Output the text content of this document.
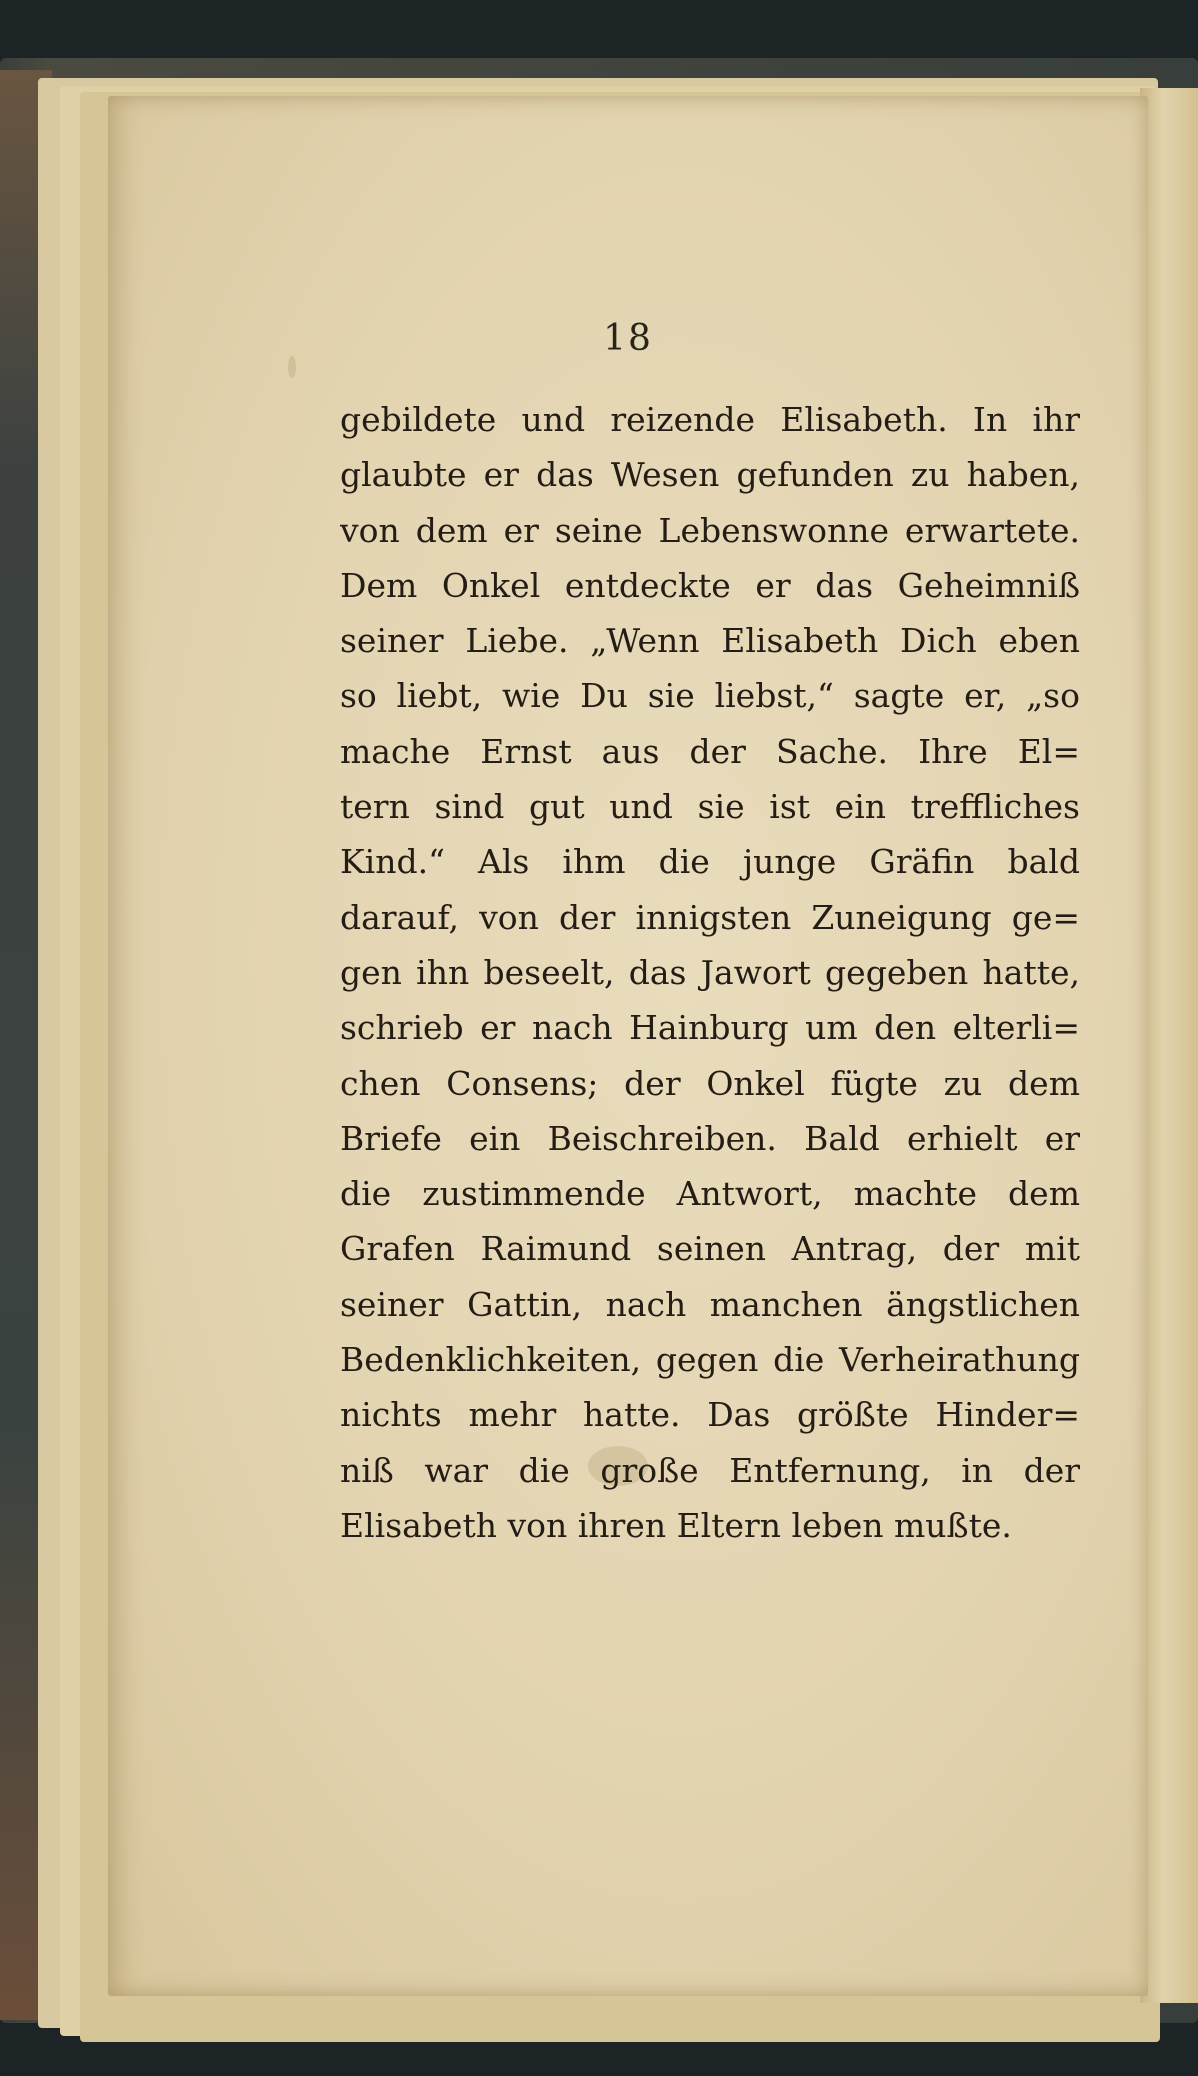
18
gebildete und reizende Elisabeth. In ihr
glaubte er das Wesen gefunden zu haben,
von dem er seine Lebenswonne erwartete.
Dem Onkel entdeckte er das Geheimniß
seiner Liebe. „Wenn Elisabeth Dich eben
so liebt, wie Du sie liebst,“ sagte er, „so
mache Ernst aus der Sache. Ihre El=
tern sind gut und sie ist ein treffliches
Kind.“ Als ihm die junge Gräfin bald
darauf, von der innigsten Zuneigung ge=
gen ihn beseelt, das Jawort gegeben hatte,
schrieb er nach Hainburg um den elterli=
chen Consens; der Onkel fügte zu dem
Briefe ein Beischreiben. Bald erhielt er
die zustimmende Antwort, machte dem
Grafen Raimund seinen Antrag, der mit
seiner Gattin, nach manchen ängstlichen
Bedenklichkeiten, gegen die Verheirathung
nichts mehr hatte. Das größte Hinder=
niß war die große Entfernung, in der
Elisabeth von ihren Eltern leben mußte.
